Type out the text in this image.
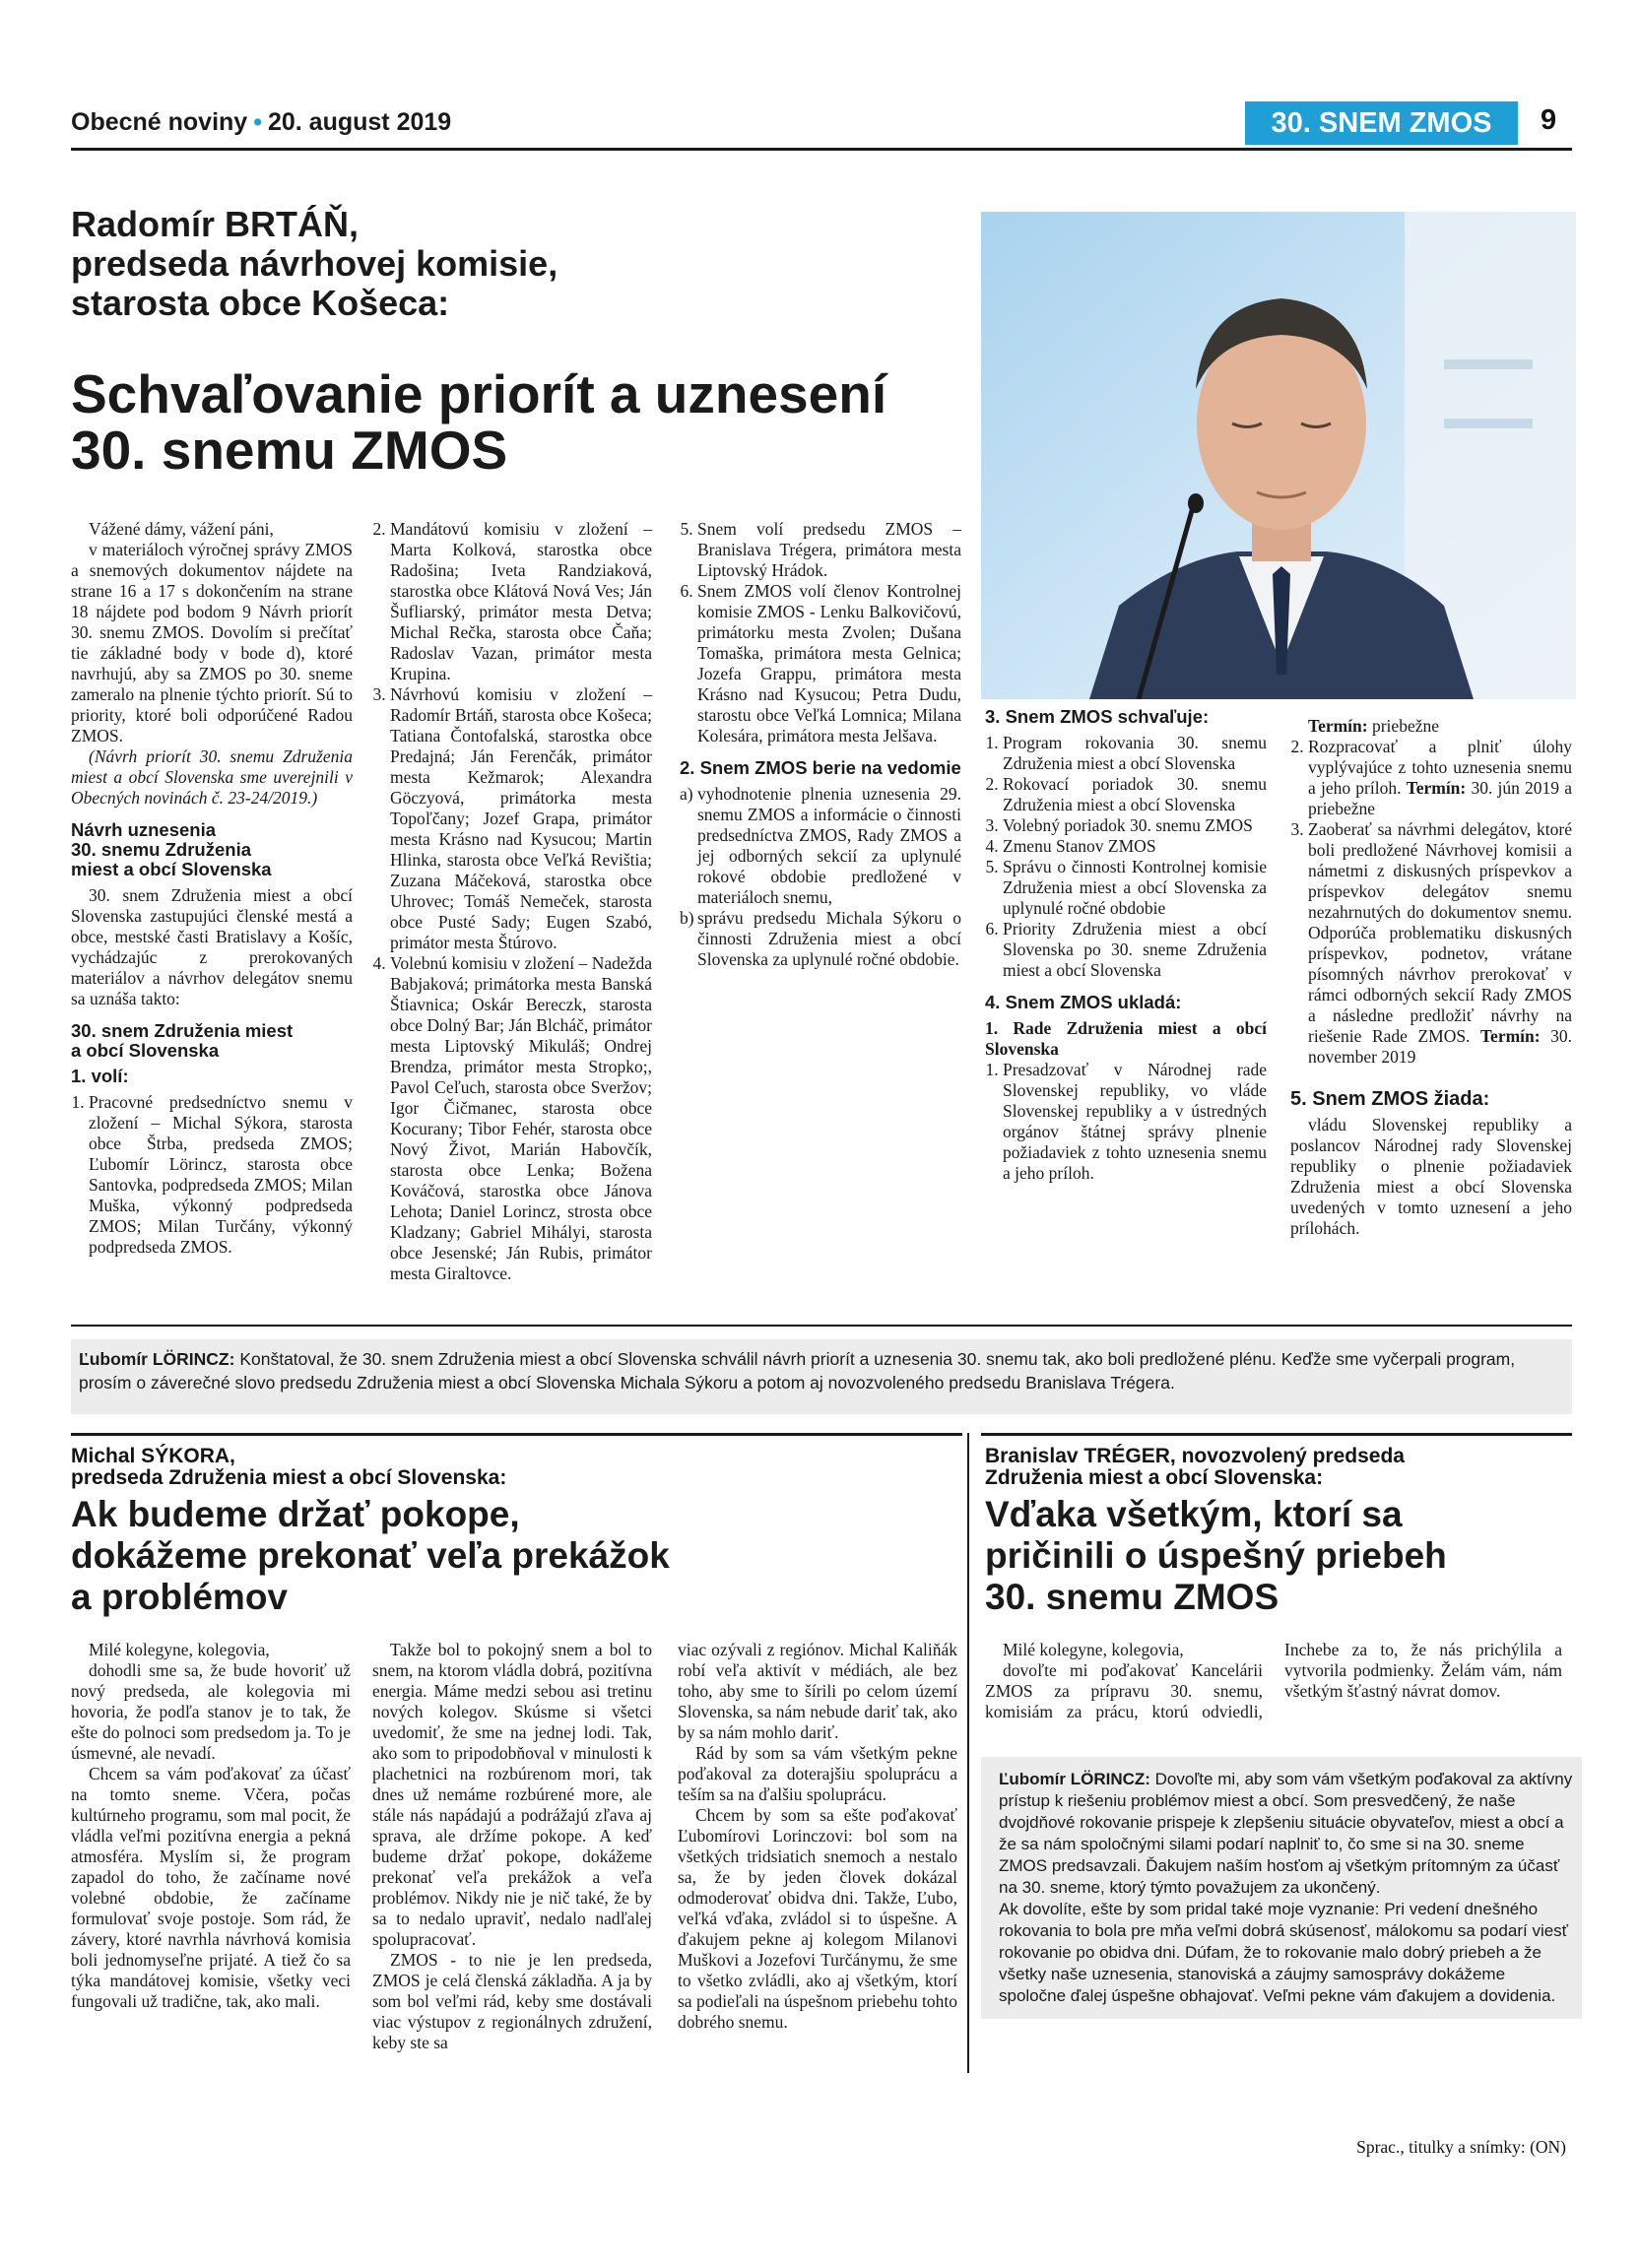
Obecné noviny • 20. august 2019	30. SNEM ZMOS	9
Radomír BRTÁŇ,
predseda návrhovej komisie,
starosta obce Košeca:
Schvaľovanie priorít a uznesení
30. snemu ZMOS

Vážené dámy, vážení páni,

v materiáloch výročnej správy ZMOS a snemových dokumentov nájdete na strane 16 a 17 s dokončením na strane 18 nájdete pod bodom 9 Návrh priorít 30. snemu ZMOS. Dovolím si prečítať tie základné body v bode d), ktoré navrhujú, aby sa ZMOS po 30. sneme zameralo na plnenie týchto priorít. Sú to priority, ktoré boli odporúčené Radou ZMOS.

(Návrh priorít 30. snemu Združenia miest a obcí Slovenska sme uverejnili v Obecných novinách č. 23-24/2019.)

Návrh uznesenia
30. snemu Združenia
miest a obcí Slovenska

30. snem Združenia miest a obcí Slovenska zastupujúci členské mestá a obce, mestské časti Bratislavy a Košíc, vychádzajúc z prerokovaných materiálov a návrhov delegátov snemu sa uznáša takto:

30. snem Združenia miest
a obcí Slovenska
1. volí:
1. Pracovné predsedníctvo snemu v zložení – Michal Sýkora, starosta obce Štrba, predseda ZMOS; Ľubomír Lörincz, starosta obce Santovka, podpredseda ZMOS; Milan Muška, výkonný podpredseda ZMOS; Milan Turčány, výkonný podpredseda ZMOS.
2. Mandátovú komisiu v zložení – Marta Kolková, starostka obce Radošina; Iveta Randziaková, starostka obce Klátová Nová Ves; Ján Šufliarský, primátor mesta Detva; Michal Rečka, starosta obce Čaňa; Radoslav Vazan, primátor mesta Krupina.
3. Návrhovú komisiu v zložení – Radomír Brtáň, starosta obce Košeca; Tatiana Čontofalská, starostka obce Predajná; Ján Ferenčák, primátor mesta Kežmarok; Alexandra Göczyová, primátorka mesta Topoľčany; Jozef Grapa, primátor mesta Krásno nad Kysucou; Martin Hlinka, starosta obce Veľká Revištia; Zuzana Máčeková, starostka obce Uhrovec; Tomáš Nemeček, starosta obce Pusté Sady; Eugen Szabó, primátor mesta Štúrovo.
4. Volebnú komisiu v zložení – Nadežda Babjaková; primátorka mesta Banská Štiavnica; Oskár Bereczk, starosta obce Dolný Bar; Ján Blcháč, primátor mesta Liptovský Mikuláš; Ondrej Brendza, primátor mesta Stropko;, Pavol Ceľuch, starosta obce Sveržov; Igor Čičmanec, starosta obce Kocurany; Tibor Fehér, starosta obce Nový Život, Marián Habovčík, starosta obce Lenka; Božena Kováčová, starostka obce Jánova Lehota; Daniel Lorincz, strosta obce Kladzany; Gabriel Mihályi, starosta obce Jesenské; Ján Rubis, primátor mesta Giraltovce.
5. Snem volí predsedu ZMOS – Branislava Trégera, primátora mesta Liptovský Hrádok.
6. Snem ZMOS volí členov Kontrolnej komisie ZMOS - Lenku Balkovičovú, primátorku mesta Zvolen; Dušana Tomaška, primátora mesta Gelnica; Jozefa Grappu, primátora mesta Krásno nad Kysucou; Petra Dudu, starostu obce Veľká Lomnica; Milana Kolesára, primátora mesta Jelšava.
2. Snem ZMOS berie na vedomie
a) vyhodnotenie plnenia uznesenia 29. snemu ZMOS a informácie o činnosti predsedníctva ZMOS, Rady ZMOS a jej odborných sekcií za uplynulé rokové obdobie predložené v materiáloch snemu,
b) správu predsedu Michala Sýkoru o činnosti Združenia miest a obcí Slovenska za uplynulé ročné obdobie.
3. Snem ZMOS schvaľuje:
1. Program rokovania 30. snemu Združenia miest a obcí Slovenska
2. Rokovací poriadok 30. snemu Združenia miest a obcí Slovenska
3. Volebný poriadok 30. snemu ZMOS
4. Zmenu Stanov ZMOS
5. Správu o činnosti Kontrolnej komisie Združenia miest a obcí Slovenska za uplynulé ročné obdobie
6. Priority Združenia miest a obcí Slovenska po 30. sneme Združenia miest a obcí Slovenska
4. Snem ZMOS ukladá:

1. Rade Združenia miest a obcí Slovenska

1. Presadzovať v Národnej rade Slovenskej republiky, vo vláde Slovenskej republiky a v ústredných orgánov štátnej správy plnenie požiadaviek z tohto uznesenia snemu a jeho príloh.

Termín: priebežne

2. Rozpracovať a plniť úlohy vyplývajúce z tohto uznesenia snemu a jeho príloh. Termín: 30. jún 2019 a priebežne
3. Zaoberať sa návrhmi delegátov, ktoré boli predložené Návrhovej komisii a námetmi z diskusných príspevkov a príspevkov delegátov snemu nezahrnutých do dokumentov snemu. Odporúča problematiku diskusných príspevkov, podnetov, vrátane písomných návrhov prerokovať v rámci odborných sekcií Rady ZMOS a následne predložiť návrhy na riešenie Rade ZMOS. Termín: 30. november 2019
5. Snem ZMOS žiada:

vládu Slovenskej republiky a poslancov Národnej rady Slovenskej republiky o plnenie požiadaviek Združenia miest a obcí Slovenska uvedených v tomto uznesení a jeho prílohách.

Ľubomír LÖRINCZ: Konštatoval, že 30. snem Združenia miest a obcí Slovenska schválil návrh priorít a uznesenia 30. snemu tak, ako boli predložené plénu. Keďže sme vyčerpali program, prosím o záverečné slovo predsedu Združenia miest a obcí Slovenska Michala Sýkoru a potom aj novozvoleného predsedu Branislava Trégera.
Michal SÝKORA,
predseda Združenia miest a obcí Slovenska:
Ak budeme držať pokope,
dokážeme prekonať veľa prekážok
a problémov

Milé kolegyne, kolegovia,

dohodli sme sa, že bude hovoriť už nový predseda, ale kolegovia mi hovoria, že podľa stanov je to tak, že ešte do polnoci som predsedom ja. To je úsmevné, ale nevadí.

Chcem sa vám poďakovať za účasť na tomto sneme. Včera, počas kultúrneho programu, som mal pocit, že vládla veľmi pozitívna energia a pekná atmosféra. Myslím si, že program zapadol do toho, že začíname nové volebné obdobie, že začíname formulovať svoje postoje. Som rád, že závery, ktoré navrhla návrhová komisia boli jednomyseľne prijaté. A tiež čo sa týka mandátovej komisie, všetky veci fungovali už tradične, tak, ako mali.

Takže bol to pokojný snem a bol to snem, na ktorom vládla dobrá, pozitívna energia. Máme medzi sebou asi tretinu nových kolegov. Skúsme si všetci uvedomiť, že sme na jednej lodi. Tak, ako som to pripodobňoval v minulosti k plachetnici na rozbúrenom mori, tak dnes už nemáme rozbúrené more, ale stále nás napádajú a podrážajú zľava aj sprava, ale držíme pokope. A keď budeme držať pokope, dokážeme prekonať veľa prekážok a veľa problémov. Nikdy nie je nič také, že by sa to nedalo upraviť, nedalo nadľalej spolupracovať.

ZMOS - to nie je len predseda, ZMOS je celá členská základňa. A ja by som bol veľmi rád, keby sme dostávali viac výstupov z regionálnych združení, keby ste sa

viac ozývali z regiónov. Michal Kaliňák robí veľa aktivít v médiách, ale bez toho, aby sme to šírili po celom území Slovenska, sa nám nebude dariť tak, ako by sa nám mohlo dariť.

Rád by som sa vám všetkým pekne poďakoval za doterajšiu spoluprácu a teším sa na ďalšiu spoluprácu.

Chcem by som sa ešte poďakovať Ľubomírovi Lorinczovi: bol som na všetkých tridsiatich snemoch a nestalo sa, že by jeden človek dokázal odmoderovať obidva dni. Takže, Ľubo, veľká vďaka, zvládol si to úspešne. A ďakujem pekne aj kolegom Milanovi Muškovi a Jozefovi Turčánymu, že sme to všetko zvládli, ako aj všetkým, ktorí sa podieľali na úspešnom priebehu tohto dobrého snemu.

Branislav TRÉGER, novozvolený predseda
Združenia miest a obcí Slovenska:
Vďaka všetkým, ktorí sa
pričinili o úspešný priebeh
30. snemu ZMOS

Milé kolegyne, kolegovia,

dovoľte mi poďakovať Kancelárii ZMOS za prípravu 30. snemu, komisiám za prácu, ktorú odviedli, Inchebe za to, že nás prichýlila a vytvorila podmienky. Želám vám, nám všetkým šťastný návrat domov.

Ľubomír LÖRINCZ: Dovoľte mi, aby som vám všetkým poďakoval za aktívny prístup k riešeniu problémov miest a obcí. Som presvedčený, že naše dvojdňové rokovanie prispeje k zlepšeniu situácie obyvateľov, miest a obcí a že sa nám spoločnými silami podarí naplniť to, čo sme si na 30. sneme ZMOS predsavzali. Ďakujem naším hosťom aj všetkým prítomným za účasť na 30. sneme, ktorý týmto považujem za ukončený.
Ak dovolíte, ešte by som pridal také moje vyznanie: Pri vedení dnešného rokovania to bola pre mňa veľmi dobrá skúsenosť, málokomu sa podarí viesť rokovanie po obidva dni. Dúfam, že to rokovanie malo dobrý priebeh a že všetky naše uznesenia, stanoviská a záujmy samosprávy dokážeme spoločne ďalej úspešne obhajovať. Veľmi pekne vám ďakujem a dovidenia.
Sprac., titulky a snímky: (ON)
